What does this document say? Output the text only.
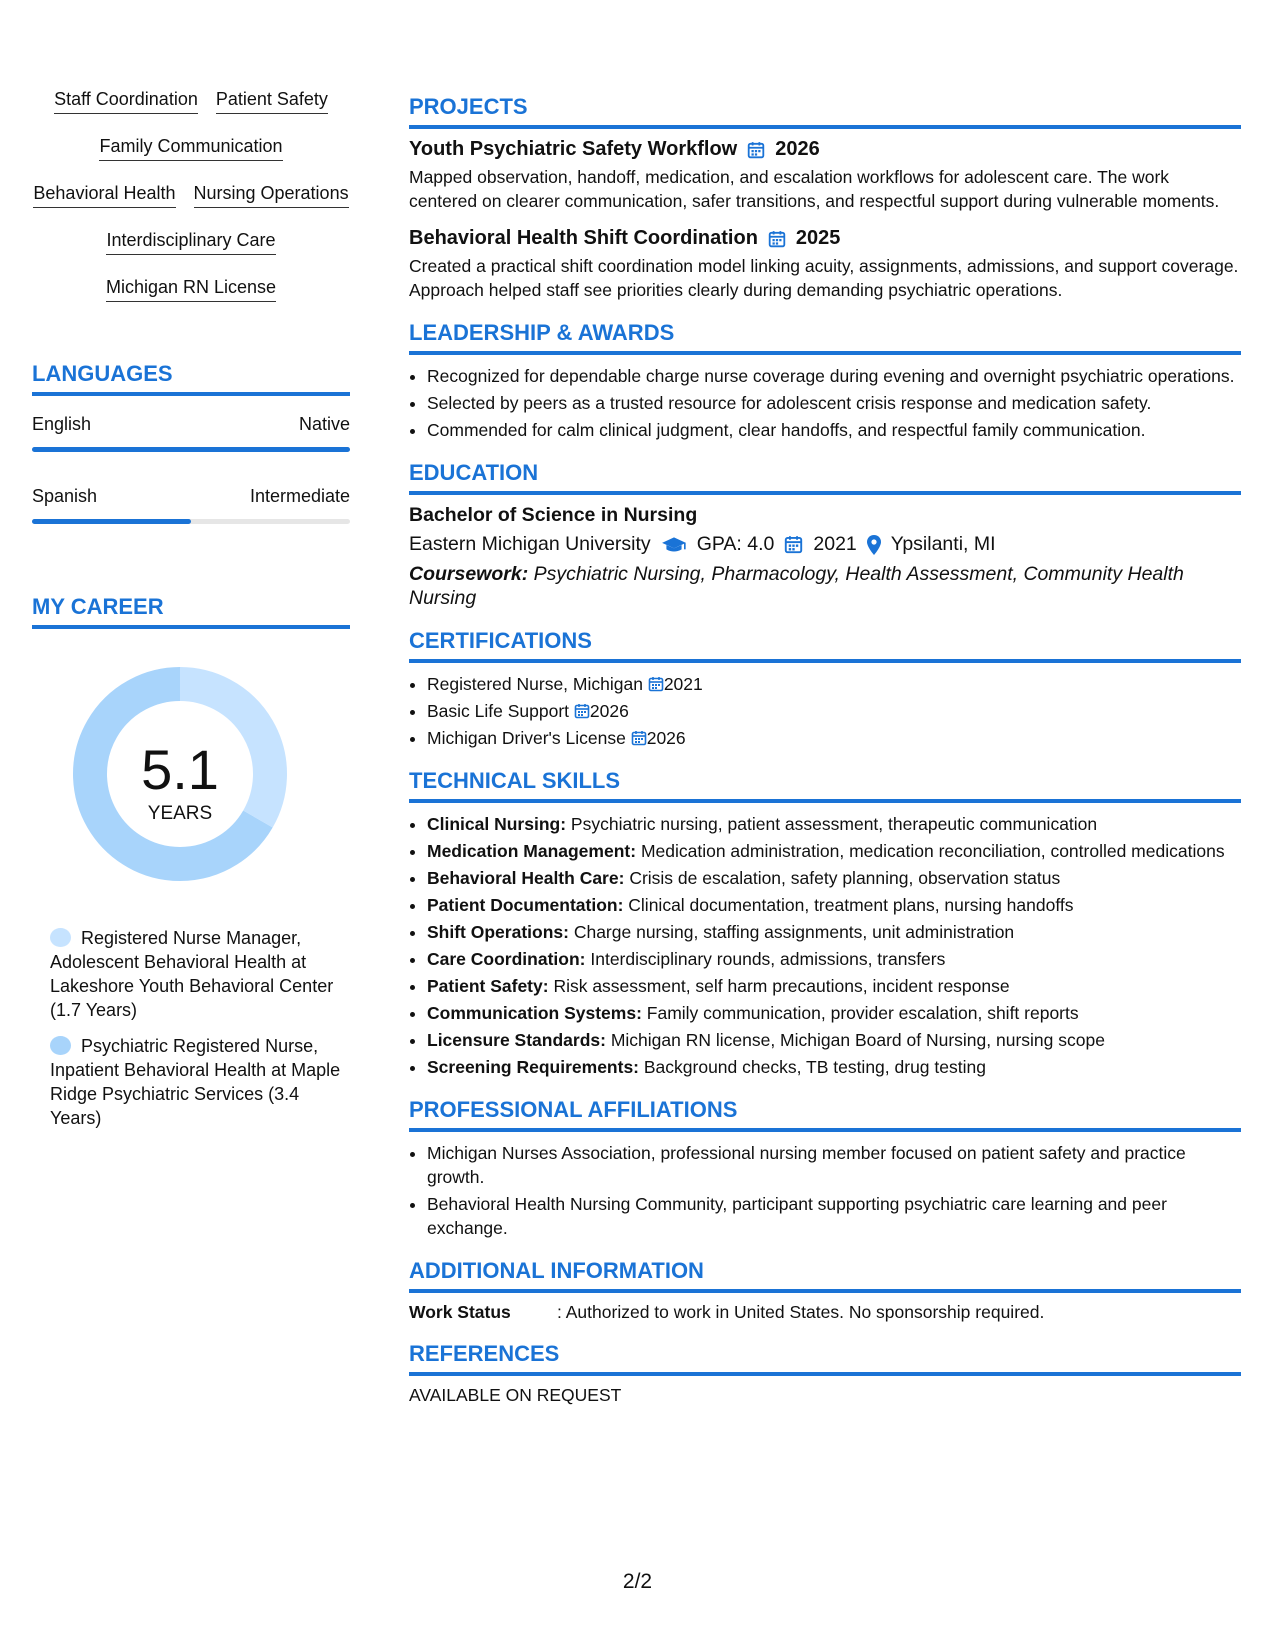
Staff Coordination Patient Safety
Family Communication
Behavioral Health Nursing Operations
Interdisciplinary Care
Michigan RN License
LANGUAGES
English	Native
Spanish	Intermediate
MY CAREER
5.1
YEARS
Registered Nurse Manager, Adolescent Behavioral Health at Lakeshore Youth Behavioral Center (1.7 Years)
Psychiatric Registered Nurse, Inpatient Behavioral Health at Maple Ridge Psychiatric Services (3.4 Years)
PROJECTS
Youth Psychiatric Safety Workflow 2026
Mapped observation, handoff, medication, and escalation workflows for adolescent care. The work centered on clearer communication, safer transitions, and respectful support during vulnerable moments.
Behavioral Health Shift Coordination 2025
Created a practical shift coordination model linking acuity, assignments, admissions, and support coverage. Approach helped staff see priorities clearly during demanding psychiatric operations.
LEADERSHIP & AWARDS
• Recognized for dependable charge nurse coverage during evening and overnight psychiatric operations.
• Selected by peers as a trusted resource for adolescent crisis response and medication safety.
• Commended for calm clinical judgment, clear handoffs, and respectful family communication.
EDUCATION
Bachelor of Science in Nursing
Eastern Michigan University GPA: 4.0 2021 Ypsilanti, MI
Coursework: Psychiatric Nursing, Pharmacology, Health Assessment, Community Health Nursing
CERTIFICATIONS
• Registered Nurse, Michigan 2021
• Basic Life Support 2026
• Michigan Driver's License 2026
TECHNICAL SKILLS
• Clinical Nursing: Psychiatric nursing, patient assessment, therapeutic communication
• Medication Management: Medication administration, medication reconciliation, controlled medications
• Behavioral Health Care: Crisis de escalation, safety planning, observation status
• Patient Documentation: Clinical documentation, treatment plans, nursing handoffs
• Shift Operations: Charge nursing, staffing assignments, unit administration
• Care Coordination: Interdisciplinary rounds, admissions, transfers
• Patient Safety: Risk assessment, self harm precautions, incident response
• Communication Systems: Family communication, provider escalation, shift reports
• Licensure Standards: Michigan RN license, Michigan Board of Nursing, nursing scope
• Screening Requirements: Background checks, TB testing, drug testing
PROFESSIONAL AFFILIATIONS
• Michigan Nurses Association, professional nursing member focused on patient safety and practice growth.
• Behavioral Health Nursing Community, participant supporting psychiatric care learning and peer exchange.
ADDITIONAL INFORMATION
Work Status	: Authorized to work in United States. No sponsorship required.
REFERENCES
AVAILABLE ON REQUEST
2/2
